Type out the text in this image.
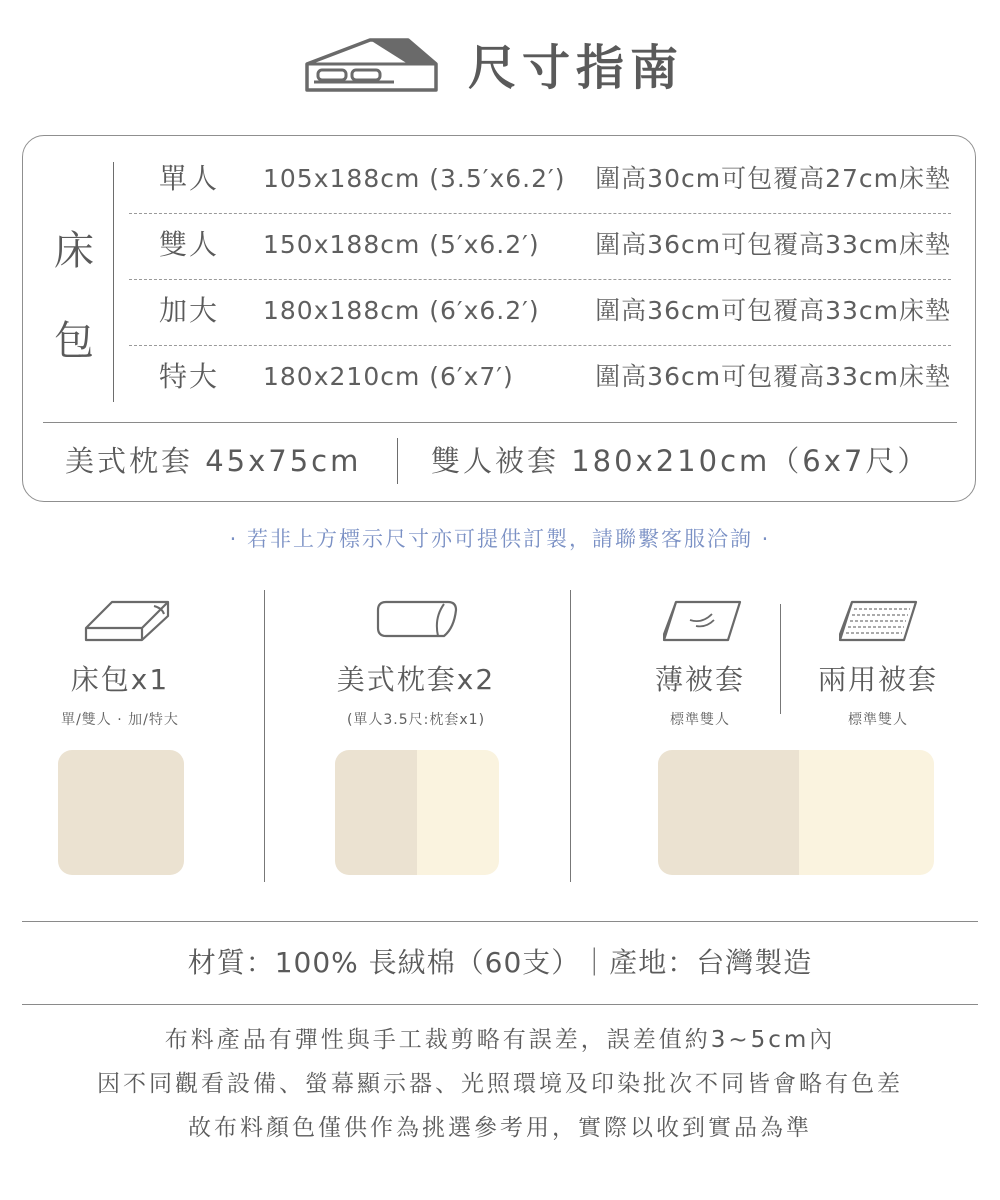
尺寸指南
床
包
單人 105x188cm (3.5′x6.2′) 圍高30cm可包覆高27cm床墊
雙人 150x188cm (5′x6.2′) 圍高36cm可包覆高33cm床墊
加大 180x188cm (6′x6.2′) 圍高36cm可包覆高33cm床墊
特大 180x210cm (6′x7′)	圍高36cm可包覆高33cm床墊
美式枕套 45x75cm 雙人被套 180x210cm（6x7尺）
· 若非上方標示尺寸亦可提供訂製，請聯繫客服洽詢 ·
床包x1
單/雙人 · 加/特大
美式枕套x2
(單人3.5尺:枕套x1)
薄被套
標準雙人
兩用被套
標準雙人
材質：100% 長絨棉（60支）｜產地：台灣製造
布料產品有彈性與手工裁剪略有誤差，誤差值約3~5cm內
因不同觀看設備、螢幕顯示器、光照環境及印染批次不同皆會略有色差
故布料顏色僅供作為挑選參考用，實際以收到實品為準
